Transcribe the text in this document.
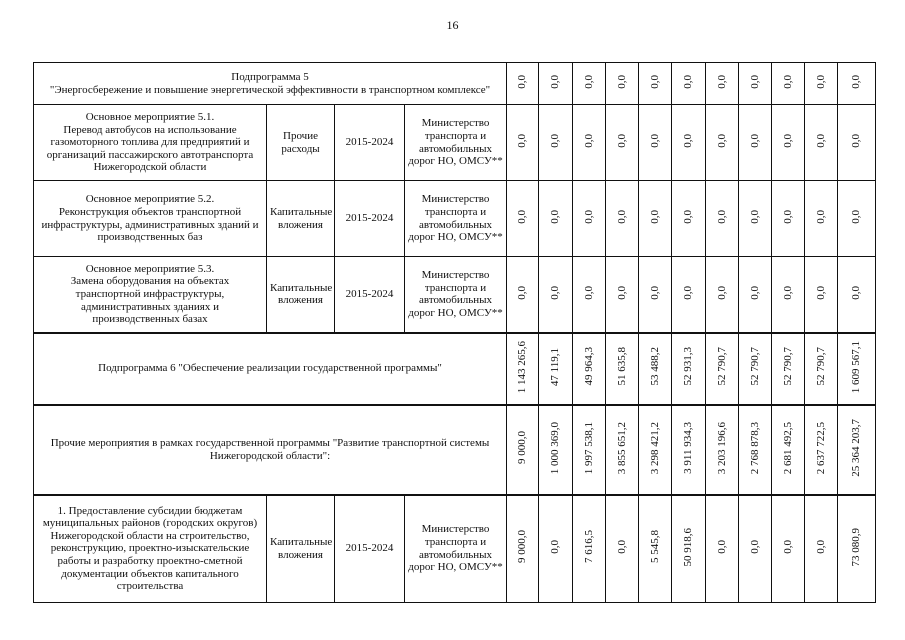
16
Подпрограмма 5
"Энергосбережение и повышение энергетической эффективности в транспортном комплексе"				0,0	0,0	0,0	0,0	0,0	0,0	0,0	0,0	0,0	0,0	0,0

Основное мероприятие 5.1.
Перевод автобусов на использование газомоторного топлива для предприятий и организаций пассажирского автотранспорта Нижегородской области	Прочие расходы	2015-2024	Министерство транспорта и автомобильных дорог НО, ОМСУ**	0,0	0,0	0,0	0,0	0,0	0,0	0,0	0,0	0,0	0,0	0,0

Основное мероприятие 5.2.
Реконструкция объектов транспортной инфраструктуры, административных зданий и производственных баз	Капитальные вложения	2015-2024	Министерство транспорта и автомобильных дорог НО, ОМСУ**	0,0	0,0	0,0	0,0	0,0	0,0	0,0	0,0	0,0	0,0	0,0

Основное мероприятие 5.3.
Замена оборудования на объектах транспортной инфраструктуры, административных зданиях и производственных базах	Капитальные вложения	2015-2024	Министерство транспорта и автомобильных дорог НО, ОМСУ**	0,0	0,0	0,0	0,0	0,0	0,0	0,0	0,0	0,0	0,0	0,0

Подпрограмма 6 "Обеспечение реализации государственной программы"				1 143 265,6	47 119,1	49 964,3	51 635,8	53 488,2	52 931,3	52 790,7	52 790,7	52 790,7	52 790,7	1 609 567,1

Прочие мероприятия в рамках государственной программы "Развитие транспортной системы Нижегородской области":				9 000,0	1 000 369,0	1 997 538,1	3 855 651,2	3 298 421,2	3 911 934,3	3 203 196,6	2 768 878,3	2 681 492,5	2 637 722,5	25 364 203,7

1. Предоставление субсидии бюджетам муниципальных районов (городских округов) Нижегородской области на строительство, реконструкцию, проектно-изыскательские работы и разработку проектно-сметной документации объектов капитального строительства	Капитальные вложения	2015-2024	Министерство транспорта и автомобильных дорог НО, ОМСУ**	9 000,0	0,0	7 616,5	0,0	5 545,8	50 918,6	0,0	0,0	0,0	0,0	73 080,9
